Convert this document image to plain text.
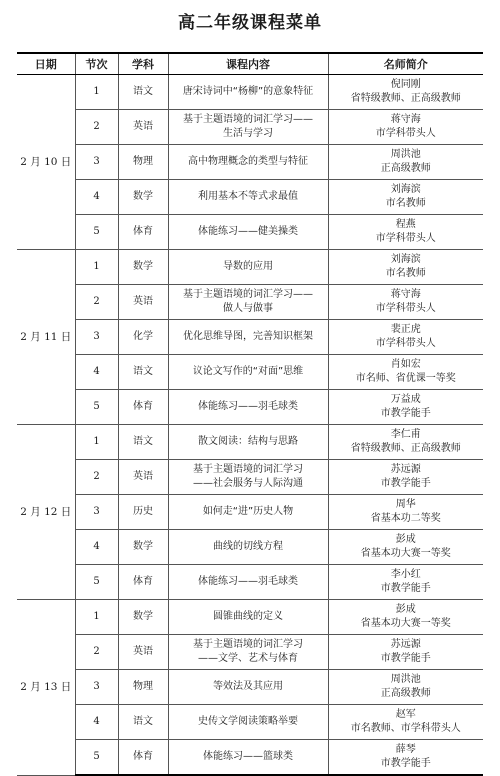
高二年级课程菜单
日期	节次	学科	课程内容	名师简介
2 月 10 日	1	语文	唐宋诗词中“杨柳”的意象特征	倪同刚
省特级教师、正高级教师

	2	英语	基于主题语境的词汇学习——
生活与学习	蒋守海
市学科带头人

	3	物理	高中物理概念的类型与特征	周洪池
正高级教师

	4	数学	利用基本不等式求最值	刘海滨
市名教师

	5	体育	体能练习——健美操类	程燕
市学科带头人

2 月 11 日	1	数学	导数的应用	刘海滨
市名教师

	2	英语	基于主题语境的词汇学习——
做人与做事	蒋守海
市学科带头人

	3	化学	优化思维导图，完善知识框架	裴正虎
市学科带头人

	4	语文	议论文写作的“对面”思维	肖如宏
市名师、省优课一等奖

	5	体育	体能练习——羽毛球类	万益成
市教学能手

2 月 12 日	1	语文	散文阅读：结构与思路	李仁甫
省特级教师、正高级教师

	2	英语	基于主题语境的词汇学习
——社会服务与人际沟通	苏远源
市教学能手

	3	历史	如何走“进”历史人物	周华
省基本功二等奖

	4	数学	曲线的切线方程	彭成
省基本功大赛一等奖

	5	体育	体能练习——羽毛球类	李小红
市教学能手

2 月 13 日	1	数学	圆锥曲线的定义	彭成
省基本功大赛一等奖

	2	英语	基于主题语境的词汇学习
——文学、艺术与体育	苏远源
市教学能手

	3	物理	等效法及其应用	周洪池
正高级教师

	4	语文	史传文学阅读策略举要	赵军
市名教师、市学科带头人

	5	体育	体能练习——篮球类	薛琴
市教学能手
